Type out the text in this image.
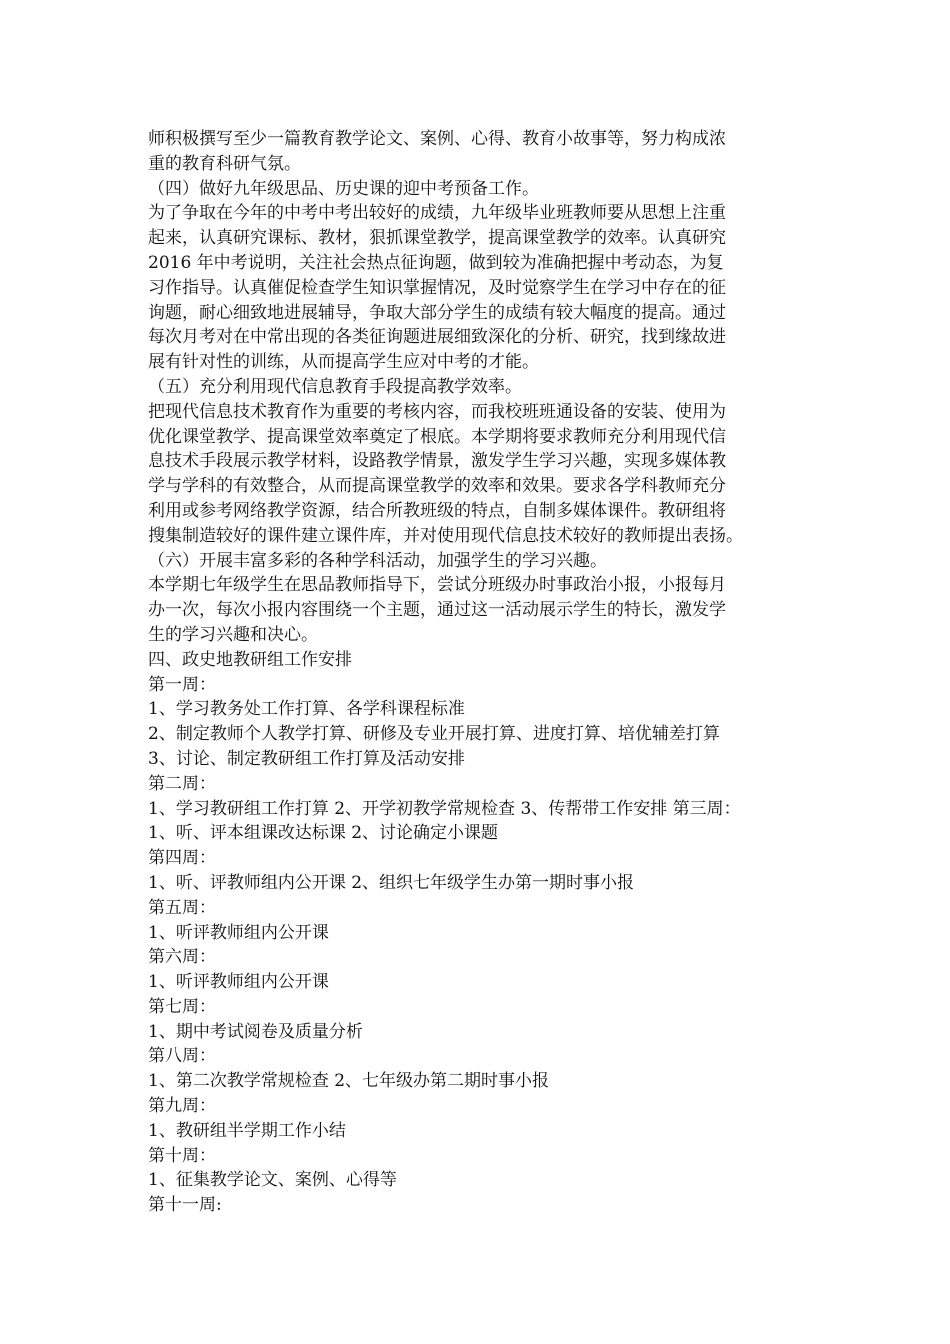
师积极撰写至少一篇教育教学论文、案例、心得、教育小故事等，努力构成浓
重的教育科研气氛。
（四）做好九年级思品、历史课的迎中考预备工作。
为了争取在今年的中考中考出较好的成绩，九年级毕业班教师要从思想上注重
起来，认真研究课标、教材，狠抓课堂教学，提高课堂教学的效率。认真研究
2016 年中考说明，关注社会热点征询题，做到较为准确把握中考动态，为复
习作指导。认真催促检查学生知识掌握情况，及时觉察学生在学习中存在的征
询题，耐心细致地进展辅导，争取大部分学生的成绩有较大幅度的提高。通过
每次月考对在中常出现的各类征询题进展细致深化的分析、研究，找到缘故进
展有针对性的训练，从而提高学生应对中考的才能。
（五）充分利用现代信息教育手段提高教学效率。
把现代信息技术教育作为重要的考核内容，而我校班班通设备的安装、使用为
优化课堂教学、提高课堂效率奠定了根底。本学期将要求教师充分利用现代信
息技术手段展示教学材料，设路教学情景，激发学生学习兴趣，实现多媒体教
学与学科的有效整合，从而提高课堂教学的效率和效果。要求各学科教师充分
利用或参考网络教学资源，结合所教班级的特点，自制多媒体课件。教研组将
搜集制造较好的课件建立课件库，并对使用现代信息技术较好的教师提出表扬。
（六）开展丰富多彩的各种学科活动，加强学生的学习兴趣。
本学期七年级学生在思品教师指导下，尝试分班级办时事政治小报，小报每月
办一次，每次小报内容围绕一个主题，通过这一活动展示学生的特长，激发学
生的学习兴趣和决心。
四、政史地教研组工作安排
第一周：
1、学习教务处工作打算、各学科课程标准
2、制定教师个人教学打算、研修及专业开展打算、进度打算、培优辅差打算
3、讨论、制定教研组工作打算及活动安排
第二周：
1、学习教研组工作打算 2、开学初教学常规检查 3、传帮带工作安排 第三周：
1、听、评本组课改达标课 2、讨论确定小课题
第四周：
1、听、评教师组内公开课 2、组织七年级学生办第一期时事小报
第五周：
1、听评教师组内公开课
第六周：
1、听评教师组内公开课
第七周：
1、期中考试阅卷及质量分析
第八周：
1、第二次教学常规检查 2、七年级办第二期时事小报
第九周：
1、教研组半学期工作小结
第十周：
1、征集教学论文、案例、心得等
第十一周:
